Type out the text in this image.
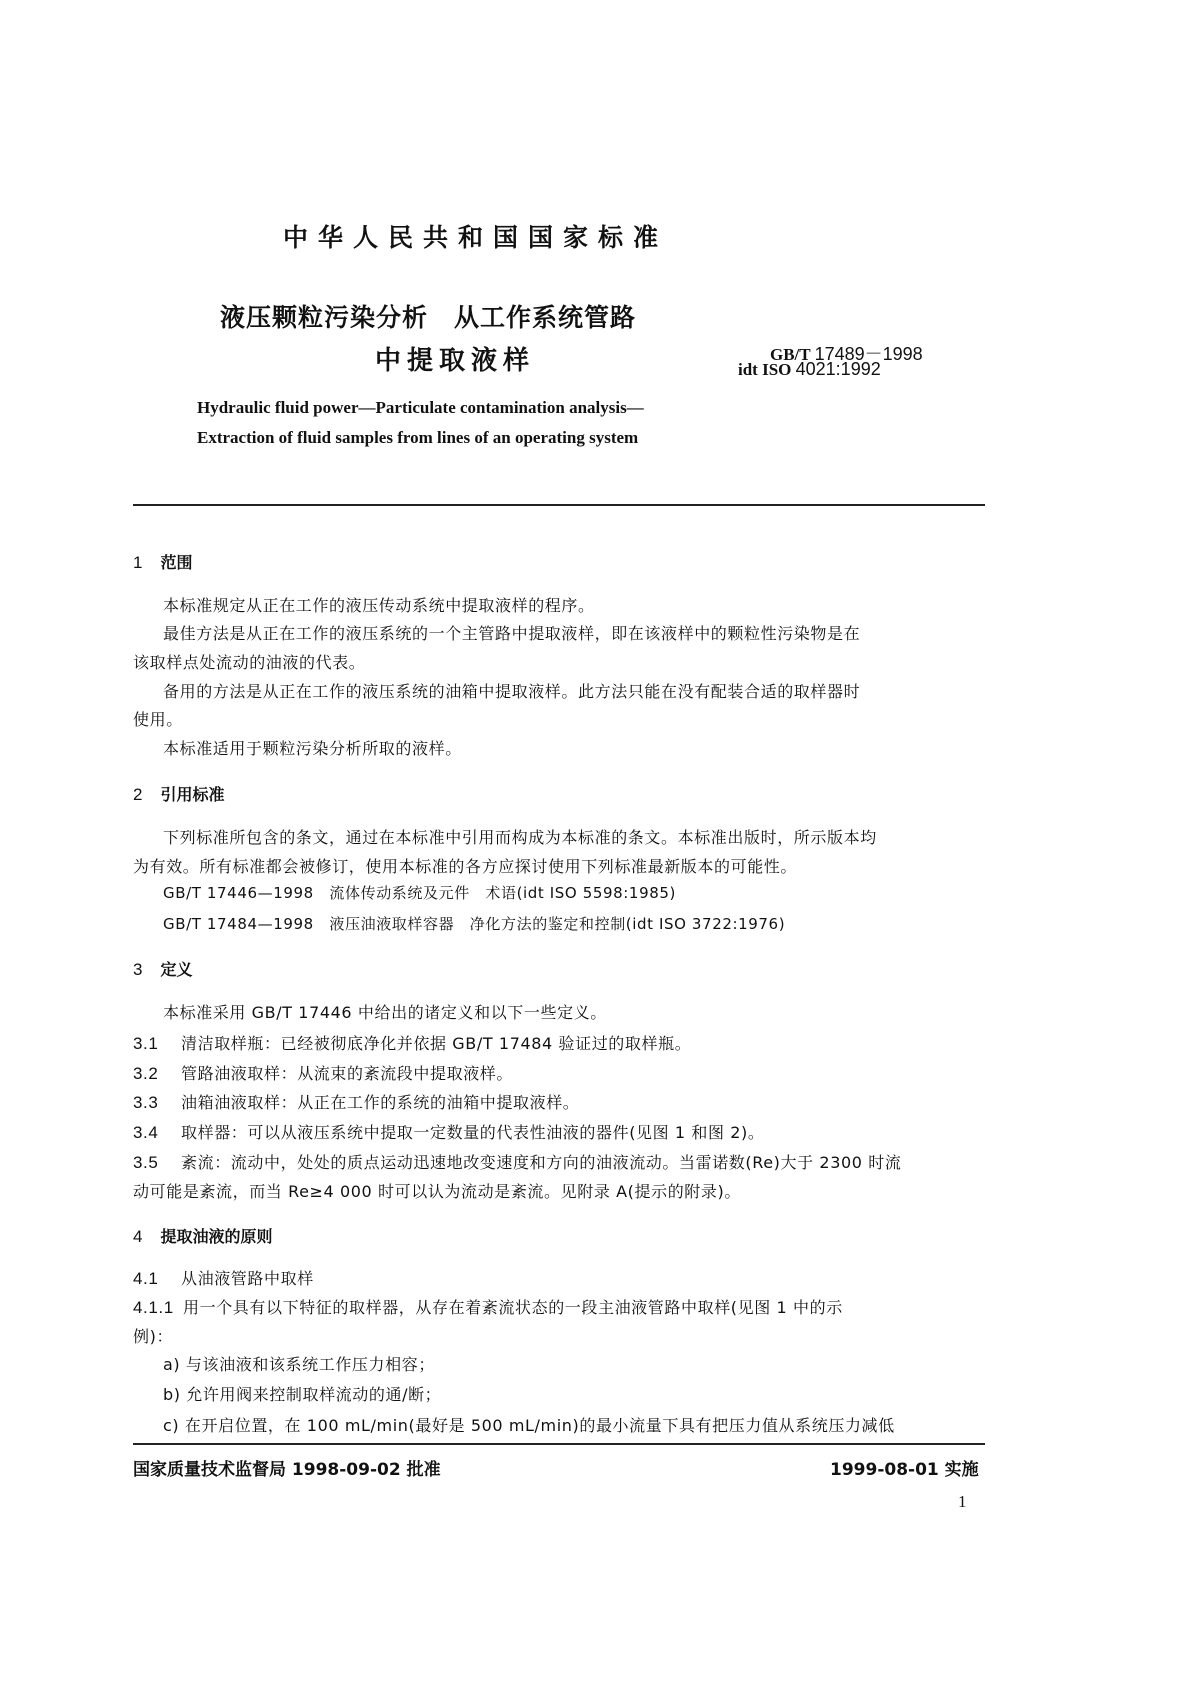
中华人民共和国国家标准
液压颗粒污染分析　从工作系统管路
中提取液样	GB/T 17489－1998
idt ISO 4021:1992
Hydraulic fluid power—Particulate contamination analysis—
Extraction of fluid samples from lines of an operating system
1 范围
本标准规定从正在工作的液压传动系统中提取液样的程序。
最佳方法是从正在工作的液压系统的一个主管路中提取液样，即在该液样中的颗粒性污染物是在
该取样点处流动的油液的代表。
备用的方法是从正在工作的液压系统的油箱中提取液样。此方法只能在没有配装合适的取样器时
使用。
本标准适用于颗粒污染分析所取的液样。
2 引用标准
下列标准所包含的条文，通过在本标准中引用而构成为本标准的条文。本标准出版时，所示版本均
为有效。所有标准都会被修订，使用本标准的各方应探讨使用下列标准最新版本的可能性。
GB/T 17446—1998　流体传动系统及元件　术语(idt ISO 5598:1985)
GB/T 17484—1998　液压油液取样容器　净化方法的鉴定和控制(idt ISO 3722:1976)
3 定义
本标准采用 GB/T 17446 中给出的诸定义和以下一些定义。
3.1 清洁取样瓶：已经被彻底净化并依据 GB/T 17484 验证过的取样瓶。
3.2 管路油液取样：从流束的紊流段中提取液样。
3.3 油箱油液取样：从正在工作的系统的油箱中提取液样。
3.4 取样器：可以从液压系统中提取一定数量的代表性油液的器件(见图 1 和图 2)。
3.5 紊流：流动中，处处的质点运动迅速地改变速度和方向的油液流动。当雷诺数(Re)大于 2300 时流
动可能是紊流，而当 Re≥4 000 时可以认为流动是紊流。见附录 A(提示的附录)。
4 提取油液的原则
4.1 从油液管路中取样
4.1.1 用一个具有以下特征的取样器，从存在着紊流状态的一段主油液管路中取样(见图 1 中的示
例)：
a) 与该油液和该系统工作压力相容；
b) 允许用阀来控制取样流动的通/断；
c) 在开启位置，在 100 mL/min(最好是 500 mL/min)的最小流量下具有把压力值从系统压力减低
国家质量技术监督局 1998-09-02 批准	1999-08-01 实施
1
